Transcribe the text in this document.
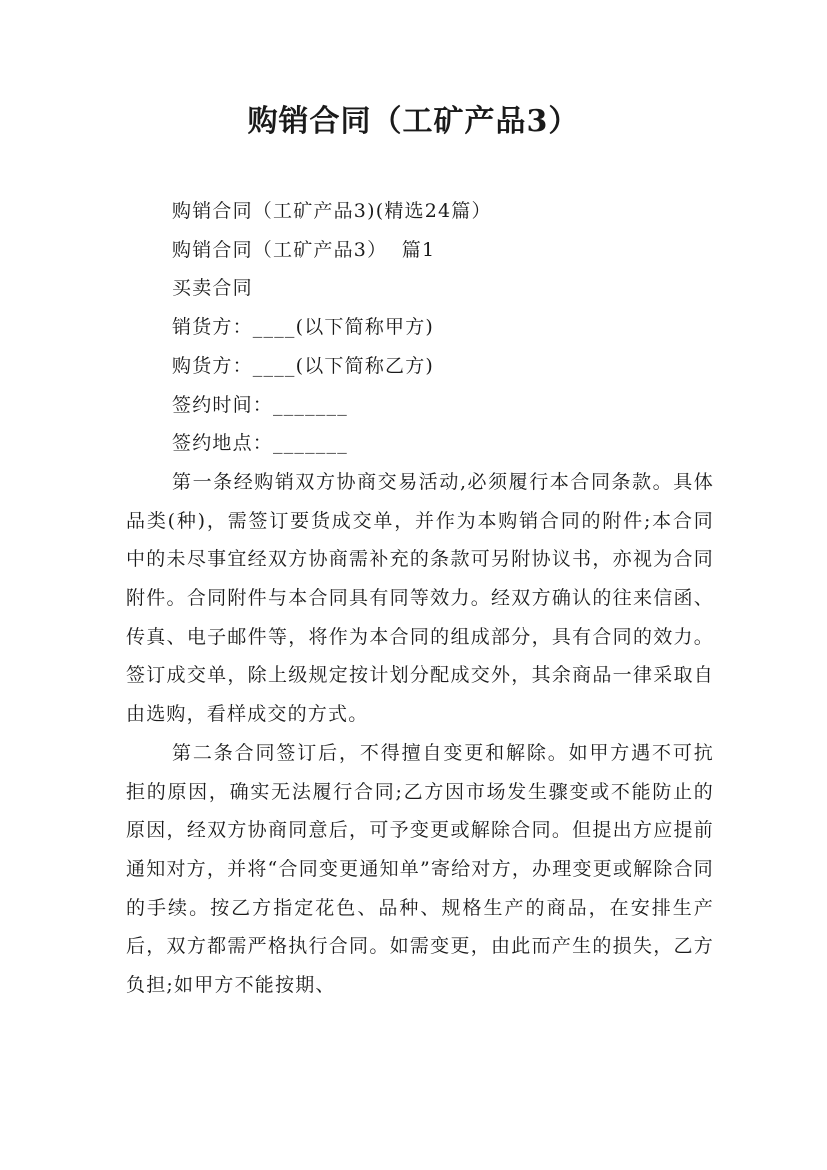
购销合同（工矿产品3）
购销合同（工矿产品3)(精选24篇）
购销合同（工矿产品3）  篇1
买卖合同
销货方：____(以下简称甲方)
购货方：____(以下简称乙方)
签约时间：_______
签约地点：_______
第一条经购销双方协商交易活动,必须履行本合同条款。具体品类(种)，需签订要货成交单，并作为本购销合同的附件;本合同中的未尽事宜经双方协商需补充的条款可另附协议书，亦视为合同附件。合同附件与本合同具有同等效力。经双方确认的往来信函、传真、电子邮件等，将作为本合同的组成部分，具有合同的效力。签订成交单，除上级规定按计划分配成交外，其余商品一律采取自由选购，看样成交的方式。
第二条合同签订后，不得擅自变更和解除。如甲方遇不可抗拒的原因，确实无法履行合同;乙方因市场发生骤变或不能防止的原因，经双方协商同意后，可予变更或解除合同。但提出方应提前通知对方，并将“合同变更通知单”寄给对方，办理变更或解除合同的手续。按乙方指定花色、品种、规格生产的商品，在安排生产后，双方都需严格执行合同。如需变更，由此而产生的损失，乙方负担;如甲方不能按期、
